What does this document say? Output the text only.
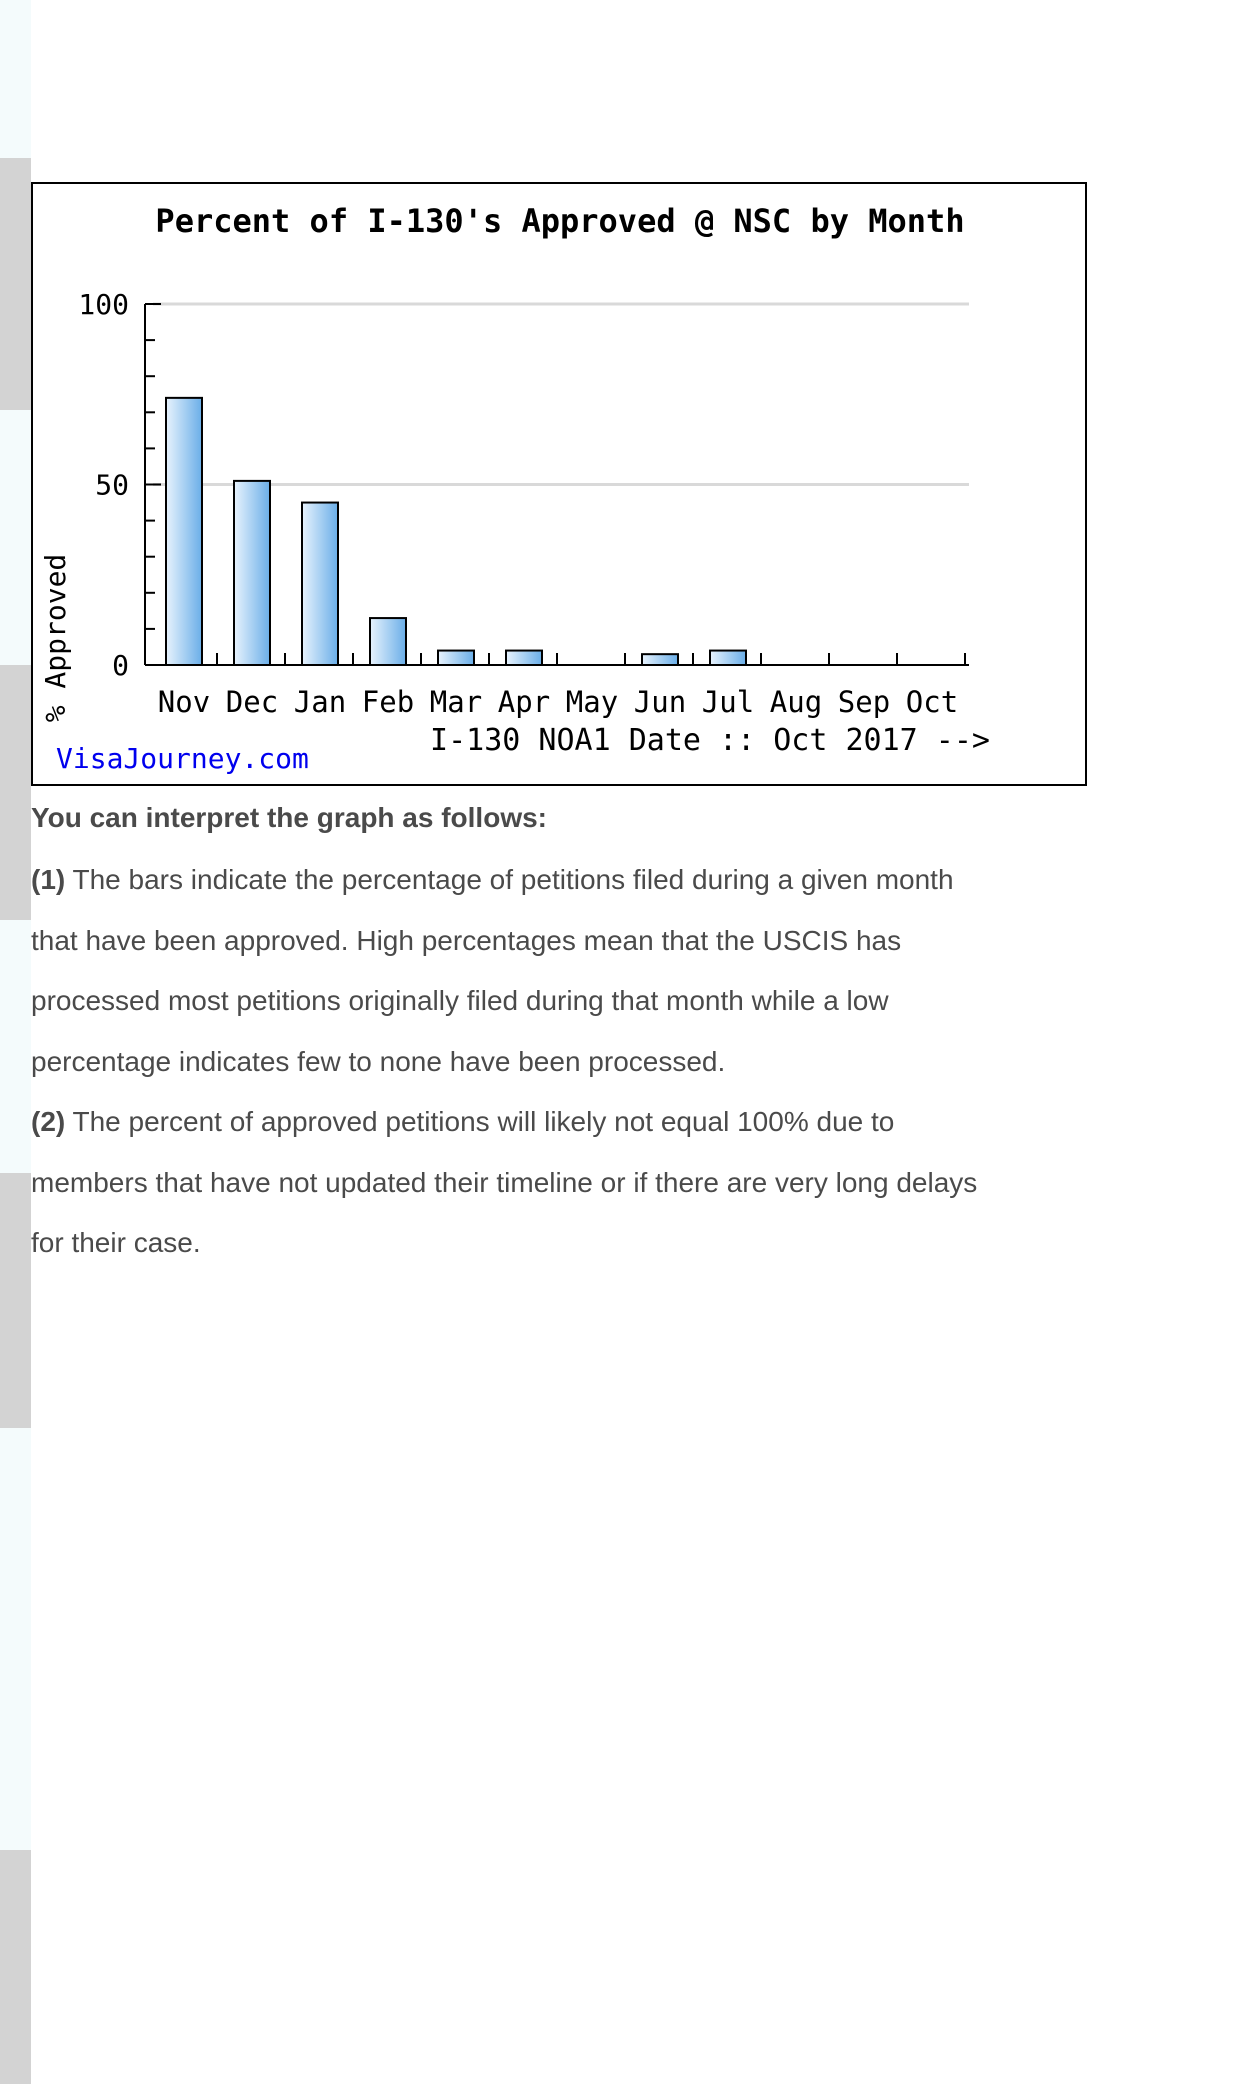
Percent of I-130's Approved @ NSC by Month
Nov Dec Jan Feb Mar Apr May Jun Jul Aug Sep Oct
0
50
100
% Approved
I-130 NOA1 Date :: Oct 2017 -->
VisaJourney.com

You can interpret the graph as follows:

(1) The bars indicate the percentage of petitions filed during a given month
that have been approved. High percentages mean that the USCIS has
processed most petitions originally filed during that month while a low
percentage indicates few to none have been processed.
(2) The percent of approved petitions will likely not equal 100% due to
members that have not updated their timeline or if there are very long delays
for their case.
